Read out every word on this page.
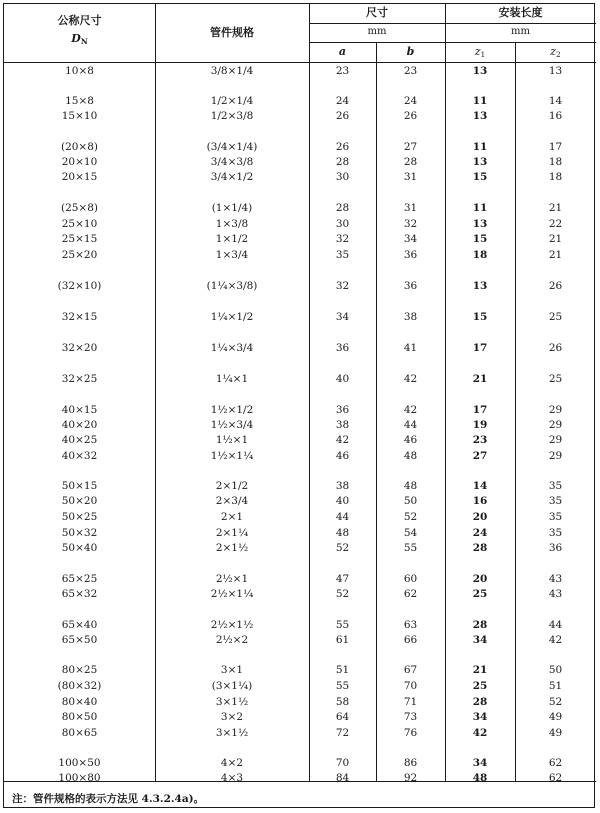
公称尺寸
$D_N$
管件规格
尺寸
mm
安装长度
mm
a	b	$z_1$	$z_2$
10×8	3/8×1/4	23	23	13	13
15×8	1/2×1/4	24	24	11	14
15×10	1/2×3/8	26	26	13	16
(20×8)	(3/4×1/4)	26	27	11	17
20×10	3/4×3/8	28	28	13	18
20×15	3/4×1/2	30	31	15	18
(25×8)	(1×1/4)	28	31	11	21
25×10	1×3/8	30	32	13	22
25×15	1×1/2	32	34	15	21
25×20	1×3/4	35	36	18	21
(32×10)	(1¼×3/8)	32	36	13	26
32×15	1¼×1/2	34	38	15	25
32×20	1¼×3/4	36	41	17	26
32×25	1¼×1	40	42	21	25
40×15	1½×1/2	36	42	17	29
40×20	1½×3/4	38	44	19	29
40×25	1½×1	42	46	23	29
40×32	1½×1¼	46	48	27	29
50×15	2×1/2	38	48	14	35
50×20	2×3/4	40	50	16	35
50×25	2×1	44	52	20	35
50×32	2×1¼	48	54	24	35
50×40	2×1½	52	55	28	36
65×25	2½×1	47	60	20	43
65×32	2½×1¼	52	62	25	43
65×40	2½×1½	55	63	28	44
65×50	2½×2	61	66	34	42
80×25	3×1	51	67	21	50
(80×32)	(3×1¼)	55	70	25	51
80×40	3×1½	58	71	28	52
80×50	3×2	64	73	34	49
80×65	3×1½	72	76	42	49
100×50	4×2	70	86	34	62
100×80	4×3	84	92	48	62
注：管件规格的表示方法见 4.3.2.4a)。
